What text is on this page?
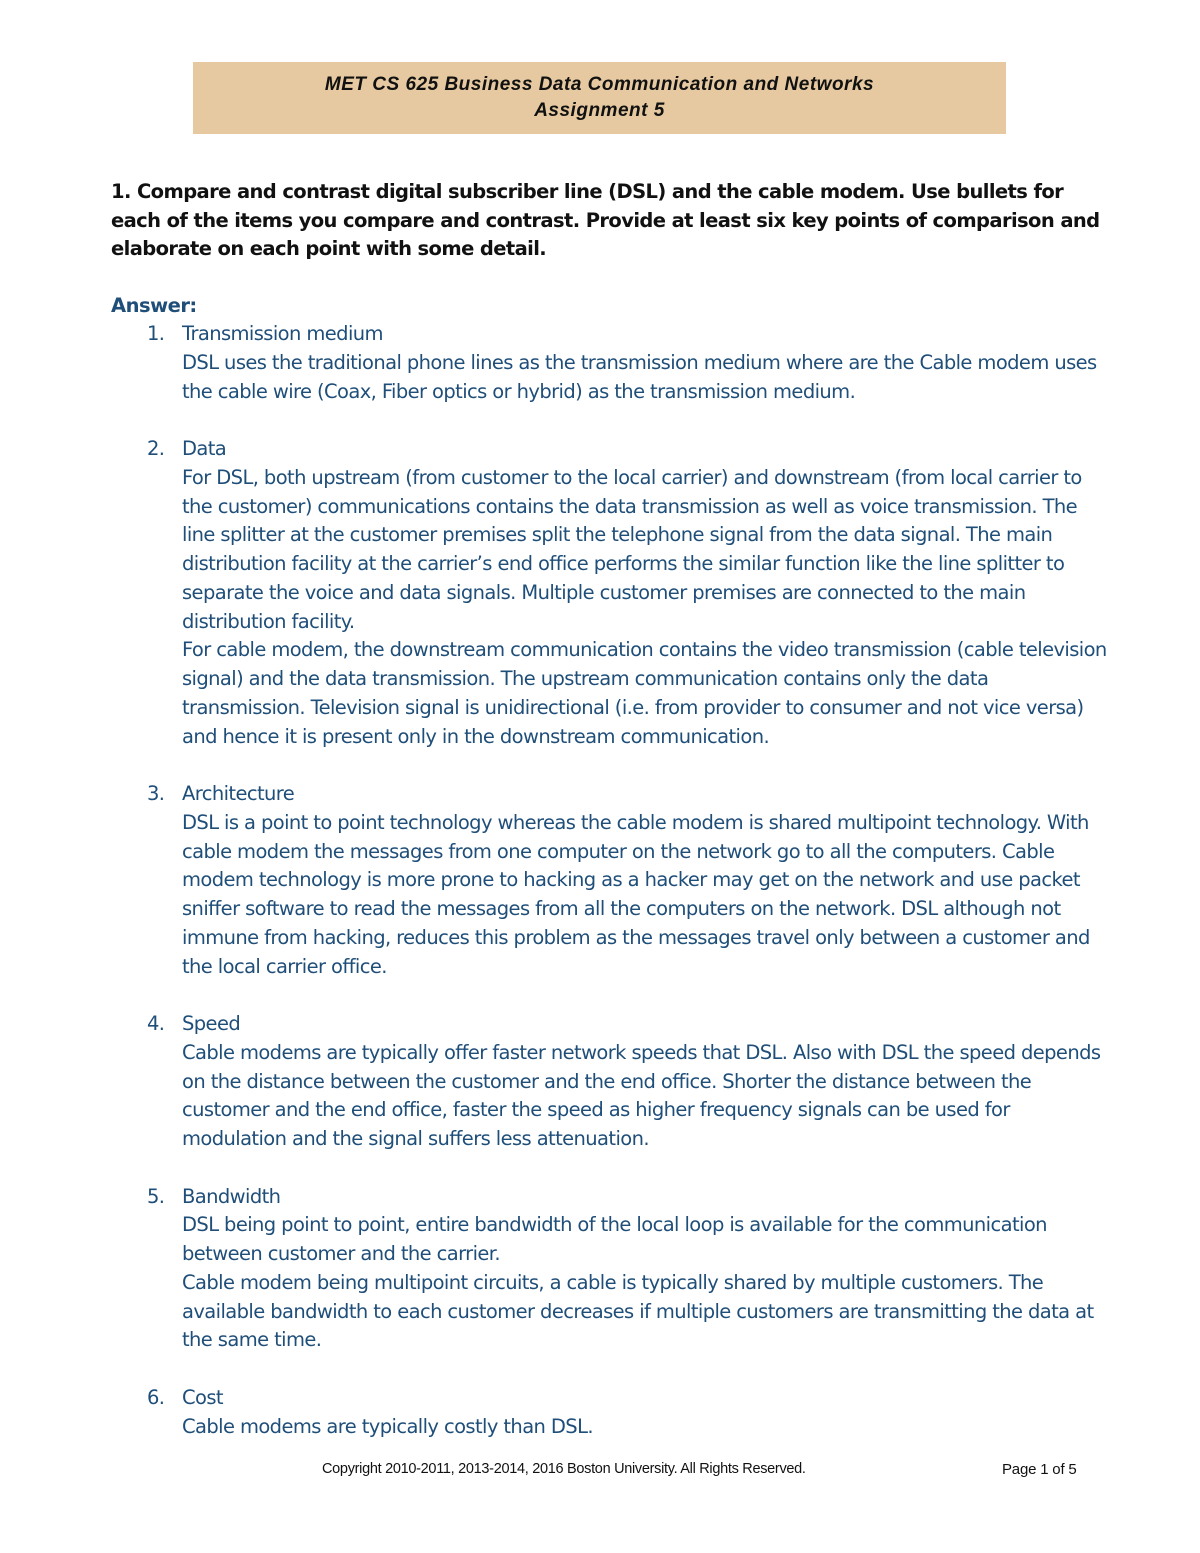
MET CS 625 Business Data Communication and Networks
Assignment 5
1. Compare and contrast digital subscriber line (DSL) and the cable modem. Use bullets for each of the items you compare and contrast. Provide at least six key points of comparison and elaborate on each point with some detail.
Answer:
1. Transmission medium
DSL uses the traditional phone lines as the transmission medium where are the Cable modem uses the cable wire (Coax, Fiber optics or hybrid) as the transmission medium.
2. Data
For DSL, both upstream (from customer to the local carrier) and downstream (from local carrier to the customer) communications contains the data transmission as well as voice transmission. The line splitter at the customer premises split the telephone signal from the data signal. The main distribution facility at the carrier’s end office performs the similar function like the line splitter to separate the voice and data signals. Multiple customer premises are connected to the main distribution facility.
For cable modem, the downstream communication contains the video transmission (cable television signal) and the data transmission. The upstream communication contains only the data transmission. Television signal is unidirectional (i.e. from provider to consumer and not vice versa) and hence it is present only in the downstream communication.
3. Architecture
DSL is a point to point technology whereas the cable modem is shared multipoint technology. With cable modem the messages from one computer on the network go to all the computers. Cable modem technology is more prone to hacking as a hacker may get on the network and use packet sniffer software to read the messages from all the computers on the network. DSL although not immune from hacking, reduces this problem as the messages travel only between a customer and the local carrier office.
4. Speed
Cable modems are typically offer faster network speeds that DSL. Also with DSL the speed depends on the distance between the customer and the end office. Shorter the distance between the customer and the end office, faster the speed as higher frequency signals can be used for modulation and the signal suffers less attenuation.
5. Bandwidth
DSL being point to point, entire bandwidth of the local loop is available for the communication between customer and the carrier.
Cable modem being multipoint circuits, a cable is typically shared by multiple customers. The available bandwidth to each customer decreases if multiple customers are transmitting the data at the same time.
6. Cost
Cable modems are typically costly than DSL.
Copyright 2010-2011, 2013-2014, 2016 Boston University. All Rights Reserved.	Page 1 of 5
